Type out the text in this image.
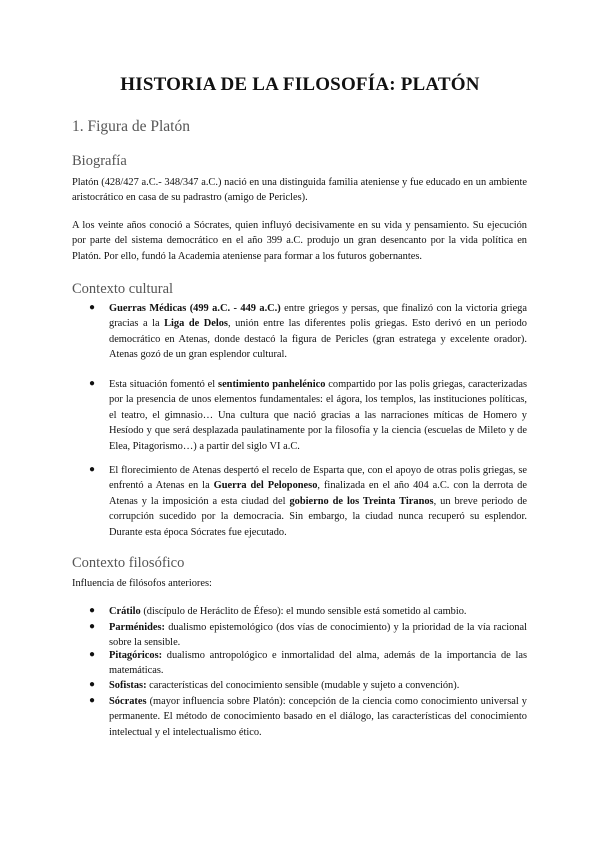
HISTORIA DE LA FILOSOFÍA: PLATÓN
1. Figura de Platón
Biografía
Platón (428/427 a.C.- 348/347 a.C.) nació en una distinguida familia ateniense y fue educado en un ambiente aristocrático en casa de su padrastro (amigo de Pericles).
A los veinte años conoció a Sócrates, quien influyó decisivamente en su vida y pensamiento. Su ejecución por parte del sistema democrático en el año 399 a.C. produjo un gran desencanto por la vida política en Platón. Por ello, fundó la Academia ateniense para formar a los futuros gobernantes.
Contexto cultural
● Guerras Médicas (499 a.C. - 449 a.C.) entre griegos y persas, que finalizó con la victoria griega gracias a la Liga de Delos, unión entre las diferentes polis griegas. Esto derivó en un periodo democrático en Atenas, donde destacó la figura de Pericles (gran estratega y excelente orador). Atenas gozó de un gran esplendor cultural.
● Esta situación fomentó el sentimiento panhelénico compartido por las polis griegas, caracterizadas por la presencia de unos elementos fundamentales: el ágora, los templos, las instituciones políticas, el teatro, el gimnasio… Una cultura que nació gracias a las narraciones míticas de Homero y Hesíodo y que será desplazada paulatinamente por la filosofía y la ciencia (escuelas de Mileto y de Elea, Pitagorismo…) a partir del siglo VI a.C.
● El florecimiento de Atenas despertó el recelo de Esparta que, con el apoyo de otras polis griegas, se enfrentó a Atenas en la Guerra del Peloponeso, finalizada en el año 404 a.C. con la derrota de Atenas y la imposición a esta ciudad del gobierno de los Treinta Tiranos, un breve periodo de corrupción sucedido por la democracia. Sin embargo, la ciudad nunca recuperó su esplendor. Durante esta época Sócrates fue ejecutado.
Contexto filosófico
Influencia de filósofos anteriores:
● Crátilo (discípulo de Heráclito de Éfeso): el mundo sensible está sometido al cambio.
● Parménides: dualismo epistemológico (dos vías de conocimiento) y la prioridad de la vía racional sobre la sensible.
● Pitagóricos: dualismo antropológico e inmortalidad del alma, además de la importancia de las matemáticas.
● Sofistas: características del conocimiento sensible (mudable y sujeto a convención).
● Sócrates (mayor influencia sobre Platón): concepción de la ciencia como conocimiento universal y permanente. El método de conocimiento basado en el diálogo, las características del conocimiento intelectual y el intelectualismo ético.
